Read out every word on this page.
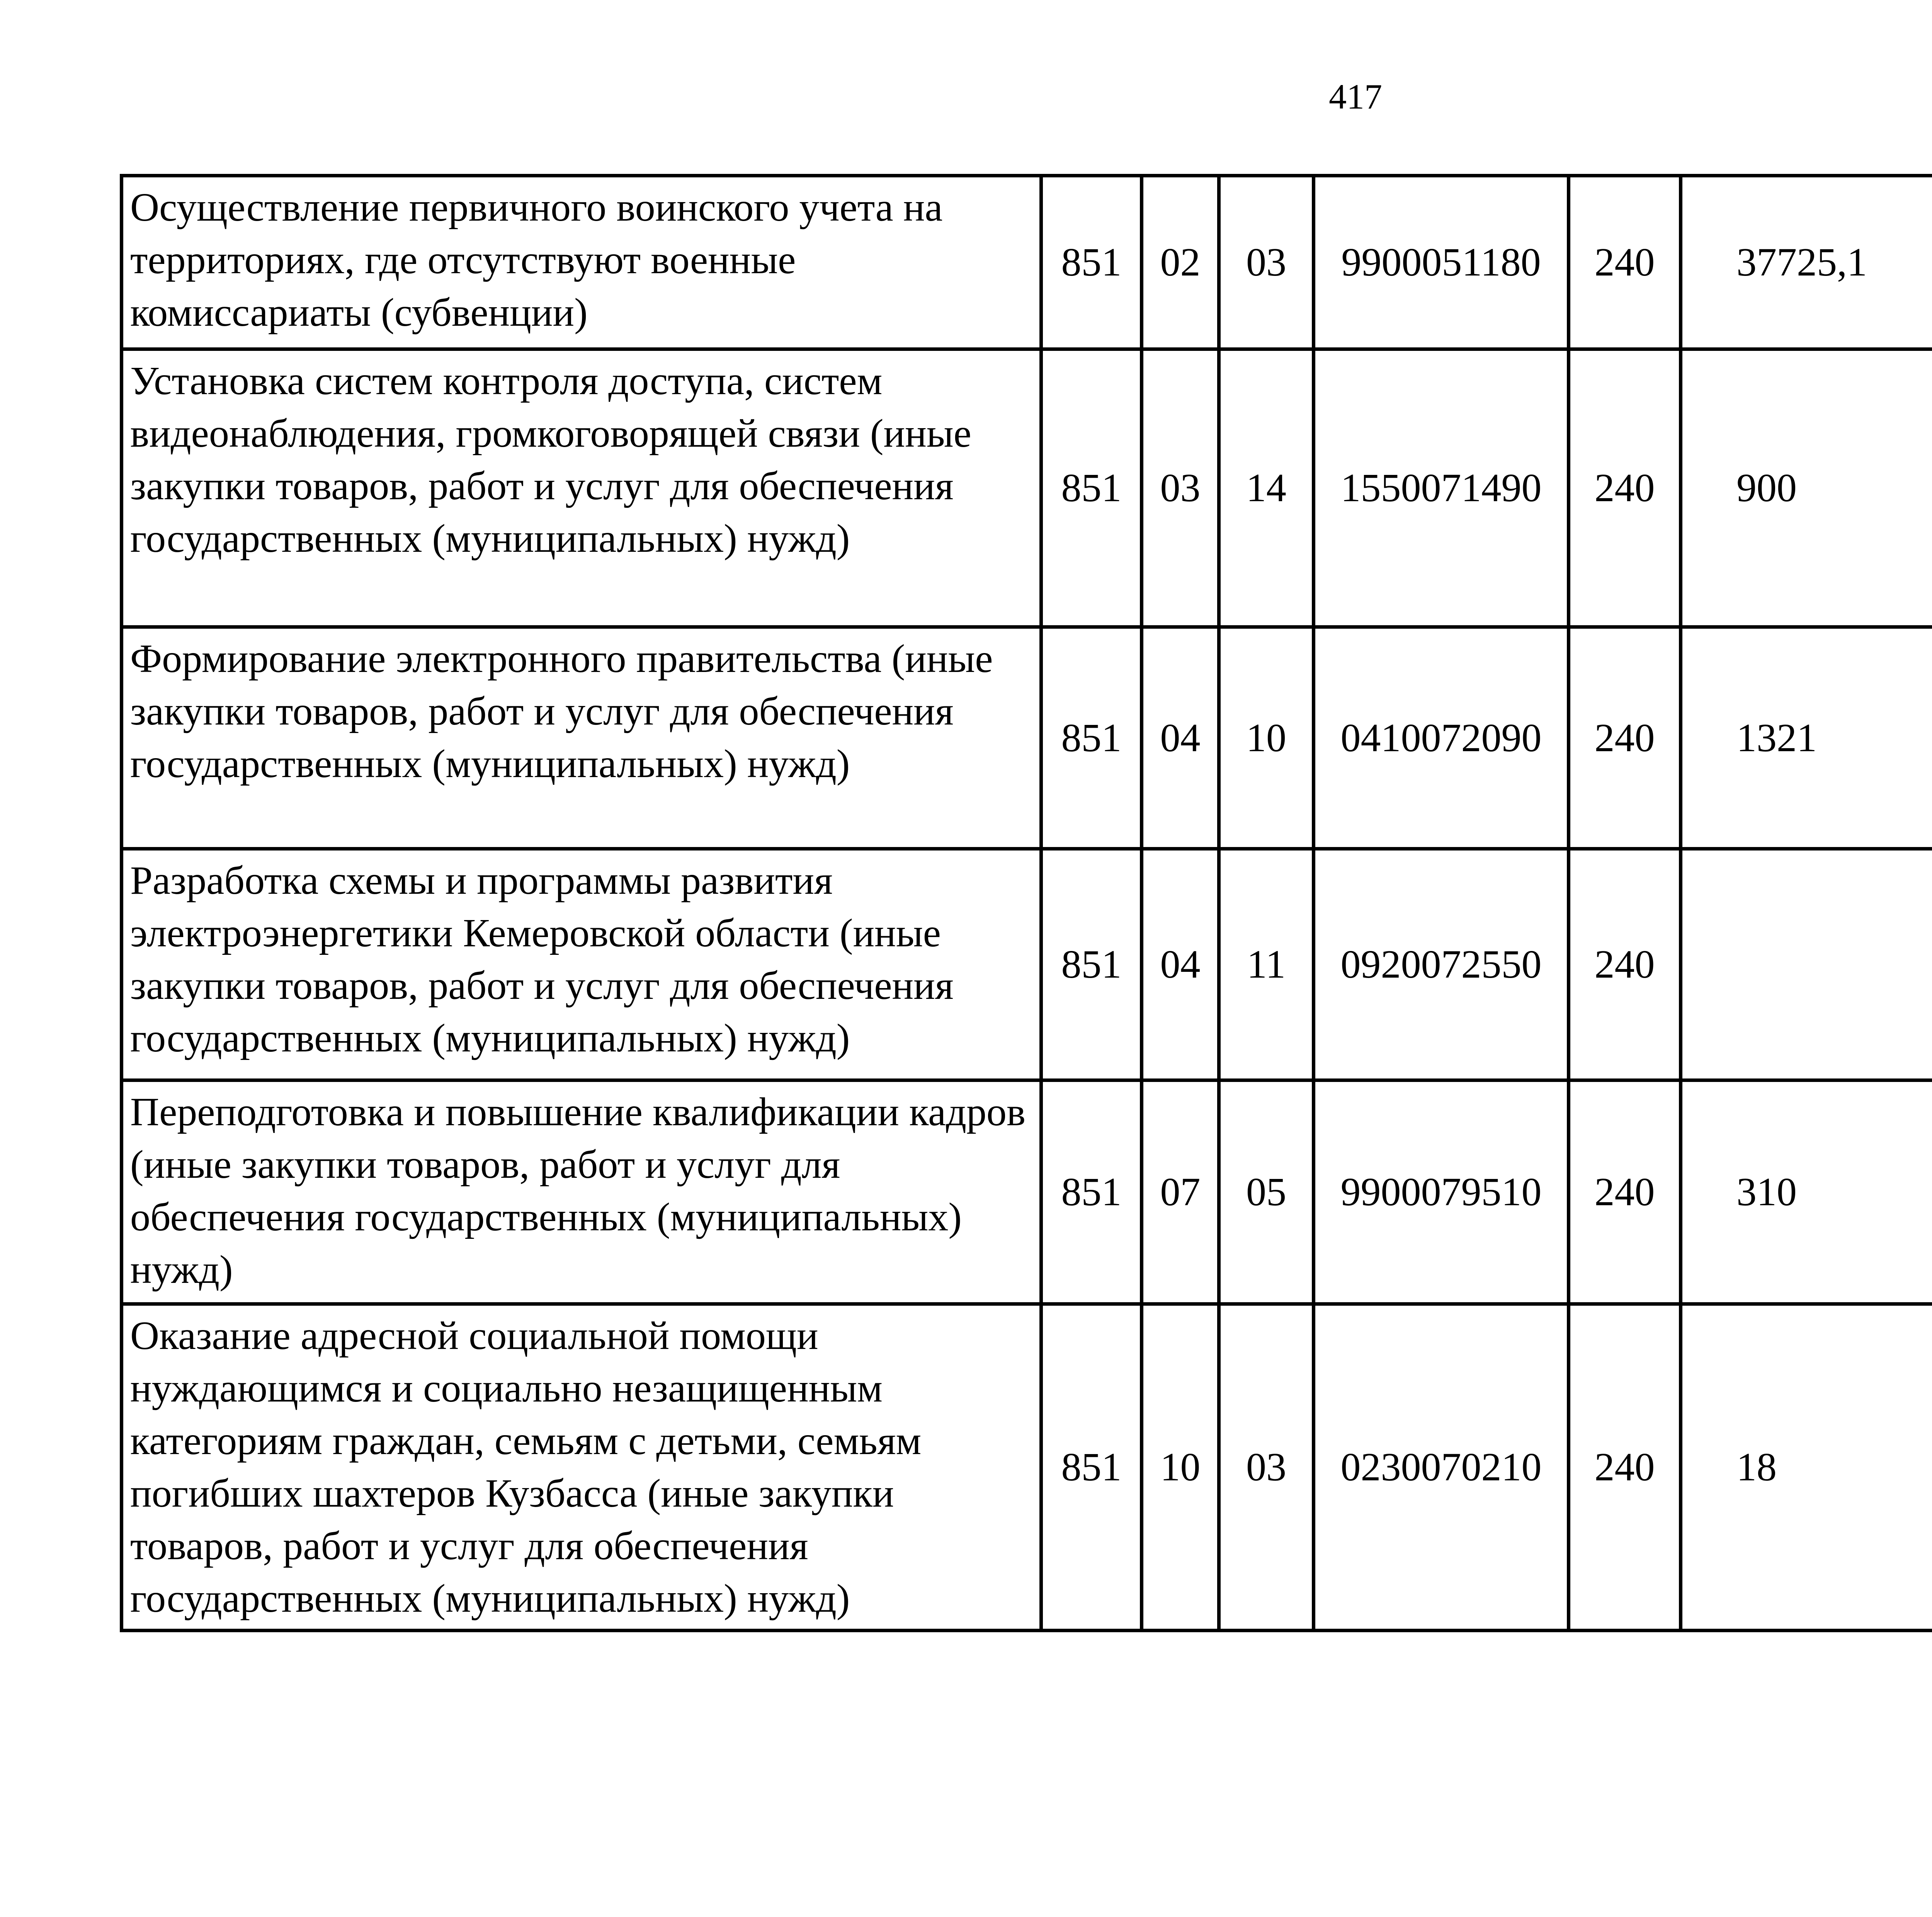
417
Осуществление первичного воинского учета на территориях, где отсутствуют военные комиссариаты (субвенции)	851	02	03	9900051180	240	37725,1		
Установка систем контроля доступа, систем видеонаблюдения, громкоговорящей связи (иные закупки товаров, работ и услуг для обеспечения государственных (муниципальных) нужд)	851	03	14	1550071490	240	900		
Формирование электронного правительства (иные закупки товаров, работ и услуг для обеспечения государственных (муниципальных) нужд)	851	04	10	0410072090	240	1321		
Разработка схемы и программы развития электроэнергетики Кемеровской области (иные закупки товаров, работ и услуг для обеспечения государственных (муниципальных) нужд)	851	04	11	0920072550	240			
Переподготовка и повышение квалификации кадров (иные закупки товаров, работ и услуг для обеспечения государственных (муниципальных) нужд)	851	07	05	9900079510	240	310		
Оказание адресной социальной помощи нуждающимся и социально незащищенным категориям граждан, семьям с детьми, семьям погибших шахтеров Кузбасса (иные закупки товаров, работ и услуг для обеспечения государственных (муниципальных) нужд)	851	10	03	0230070210	240	18		
